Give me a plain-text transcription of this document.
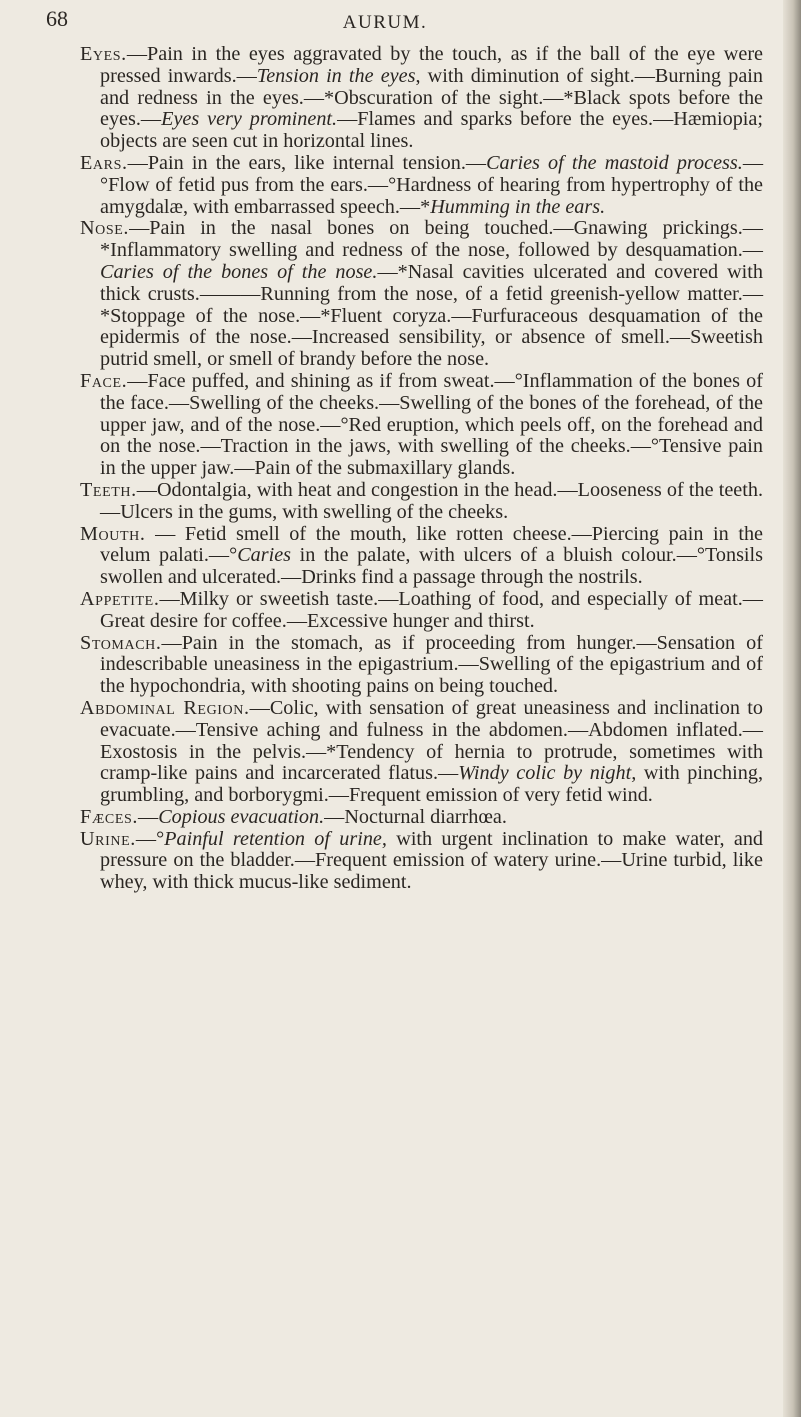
68	AURUM.

Eyes.—Pain in the eyes aggravated by the touch, as if the ball of the eye were pressed inwards.—Tension in the eyes, with diminution of sight.—Burning pain and redness in the eyes.—*Obscuration of the sight.—*Black spots before the eyes.—Eyes very prominent.—Flames and sparks before the eyes.—Hæmiopia; objects are seen cut in horizontal lines.

Ears.—Pain in the ears, like internal tension.—Caries of the mastoid process.—°Flow of fetid pus from the ears.—°Hardness of hearing from hypertrophy of the amygdalæ, with embarrassed speech.—*Humming in the ears.

Nose.—Pain in the nasal bones on being touched.—Gnawing prickings.—*Inflammatory swelling and redness of the nose, followed by desquamation.—Caries of the bones of the nose.—*Nasal cavities ulcerated and covered with thick crusts.———Running from the nose, of a fetid greenish-yellow matter.—*Stoppage of the nose.—*Fluent coryza.—Furfuraceous desquamation of the epidermis of the nose.—Increased sensibility, or absence of smell.—Sweetish putrid smell, or smell of brandy before the nose.

Face.—Face puffed, and shining as if from sweat.—°Inflammation of the bones of the face.—Swelling of the cheeks.—Swelling of the bones of the forehead, of the upper jaw, and of the nose.—°Red eruption, which peels off, on the forehead and on the nose.—Traction in the jaws, with swelling of the cheeks.—°Tensive pain in the upper jaw.—Pain of the submaxillary glands.

Teeth.—Odontalgia, with heat and congestion in the head.—Looseness of the teeth.—Ulcers in the gums, with swelling of the cheeks.

Mouth. — Fetid smell of the mouth, like rotten cheese.—Piercing pain in the velum palati.—°Caries in the palate, with ulcers of a bluish colour.—°Tonsils swollen and ulcerated.—Drinks find a passage through the nostrils.

Appetite.—Milky or sweetish taste.—Loathing of food, and especially of meat.—Great desire for coffee.—Excessive hunger and thirst.

Stomach.—Pain in the stomach, as if proceeding from hunger.—Sensation of indescribable uneasiness in the epigastrium.—Swelling of the epigastrium and of the hypochondria, with shooting pains on being touched.

Abdominal Region.—Colic, with sensation of great uneasiness and inclination to evacuate.—Tensive aching and fulness in the abdomen.—Abdomen inflated.—Exostosis in the pelvis.—*Tendency of hernia to protrude, sometimes with cramp-like pains and incarcerated flatus.—Windy colic by night, with pinching, grumbling, and borborygmi.—Frequent emission of very fetid wind.

Fæces.—Copious evacuation.—Nocturnal diarrhœa.

Urine.—°Painful retention of urine, with urgent inclination to make water, and pressure on the bladder.—Frequent emission of watery urine.—Urine turbid, like whey, with thick mucus-like sediment.
